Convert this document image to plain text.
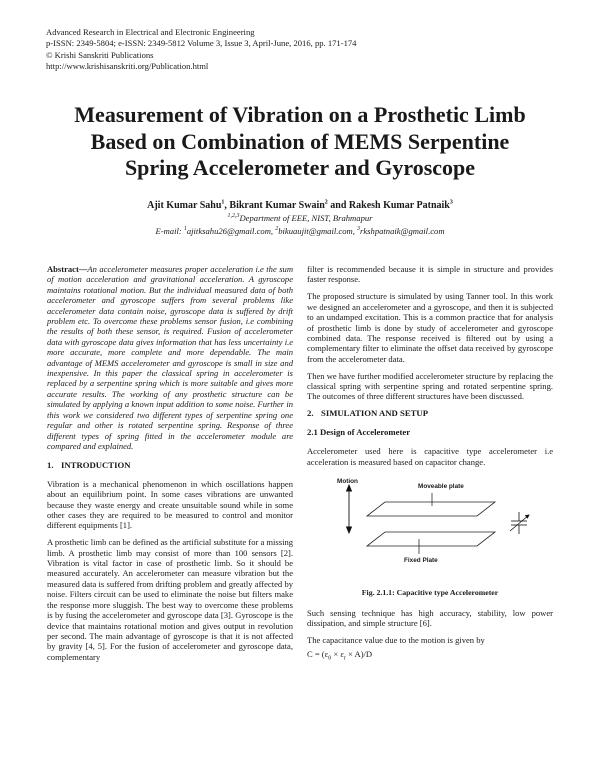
Advanced Research in Electrical and Electronic Engineering
p-ISSN: 2349-5804; e-ISSN: 2349-5812 Volume 3, Issue 3, April-June, 2016, pp. 171-174
© Krishi Sanskriti Publications
http://www.krishisanskriti.org/Publication.html
Measurement of Vibration on a Prosthetic Limb
Based on Combination of MEMS Serpentine
Spring Accelerometer and Gyroscope
Ajit Kumar Sahu$^1$, Bikrant Kumar Swain$^2$ and Rakesh Kumar Patnaik$^3$
$^{1,2,3}$Department of EEE, NIST, Brahmapur
E-mail: $^1$ajitksahu26@gmail.com, $^2$bikuaujit@gmail.com, $^3$rkshpatnaik@gmail.com

Abstract—An accelerometer measures proper acceleration i.e the sum of motion acceleration and gravitational acceleration. A gyroscope maintains rotational motion. But the individual measured data of both accelerometer and gyroscope suffers from several problems like accelerometer data contain noise, gyroscope data is suffered by drift problem etc. To overcome these problems sensor fusion, i.e combining the results of both these sensor, is required. Fusion of accelerometer data with gyroscope data gives information that has less uncertainty i.e more accurate, more complete and more dependable. The main advantage of MEMS accelerometer and gyroscope is small in size and inexpensive. In this paper the classical spring in accelerometer is replaced by a serpentine spring which is more suitable and gives more accurate results. The working of any prosthetic structure can be simulated by applying a known input addition to some noise. Further in this work we considered two different types of serpentine spring one regular and other is rotated serpentine spring. Response of three different types of spring fitted in the accelerometer module are compared and explained.

1. INTRODUCTION

Vibration is a mechanical phenomenon in which oscillations happen about an equilibrium point. In some cases vibrations are unwanted because they waste energy and create unsuitable sound while in some other cases they are required to be measured to control and monitor different equipments [1].

A prosthetic limb can be defined as the artificial substitute for a missing limb. A prosthetic limb may consist of more than 100 sensors [2]. Vibration is vital factor in case of prosthetic limb. So it should be measured accurately. An accelerometer can measure vibration but the measured data is suffered from drifting problem and greatly affected by noise. Filters circuit can be used to eliminate the noise but filters make the response more sluggish. The best way to overcome these problems is by fusing the accelerometer and gyroscope data [3]. Gyroscope is the device that maintains rotational motion and gives output in revolution per second. The main advantage of gyroscope is that it is not affected by gravity [4, 5]. For the fusion of accelerometer and gyroscope data, complementary

filter is recommended because it is simple in structure and provides faster response.

The proposed structure is simulated by using Tanner tool. In this work we designed an accelerometer and a gyroscope, and then it is subjected to an undamped excitation. This is a common practice that for analysis of prosthetic limb is done by study of accelerometer and gyroscope combined data. The response received is filtered out by using a complementary filter to eliminate the offset data received by gyroscope from the accelerometer data.

Then we have further modified accelerometer structure by replacing the classical spring with serpentine spring and rotated serpentine spring. The outcomes of three different structures have been discussed.

2. SIMULATION AND SETUP
2.1 Design of Accelerometer

Accelerometer used here is capacitive type accelerometer i.e acceleration is measured based on capacitor change.

Motion
Moveable plate
Fixed Plate
Fig. 2.1.1: Capacitive type Accelerometer

Such sensing technique has high accuracy, stability, low power dissipation, and simple structure [6].

The capacitance value due to the motion is given by

$C = (\varepsilon_0 \times \varepsilon_r \times A)/D$
